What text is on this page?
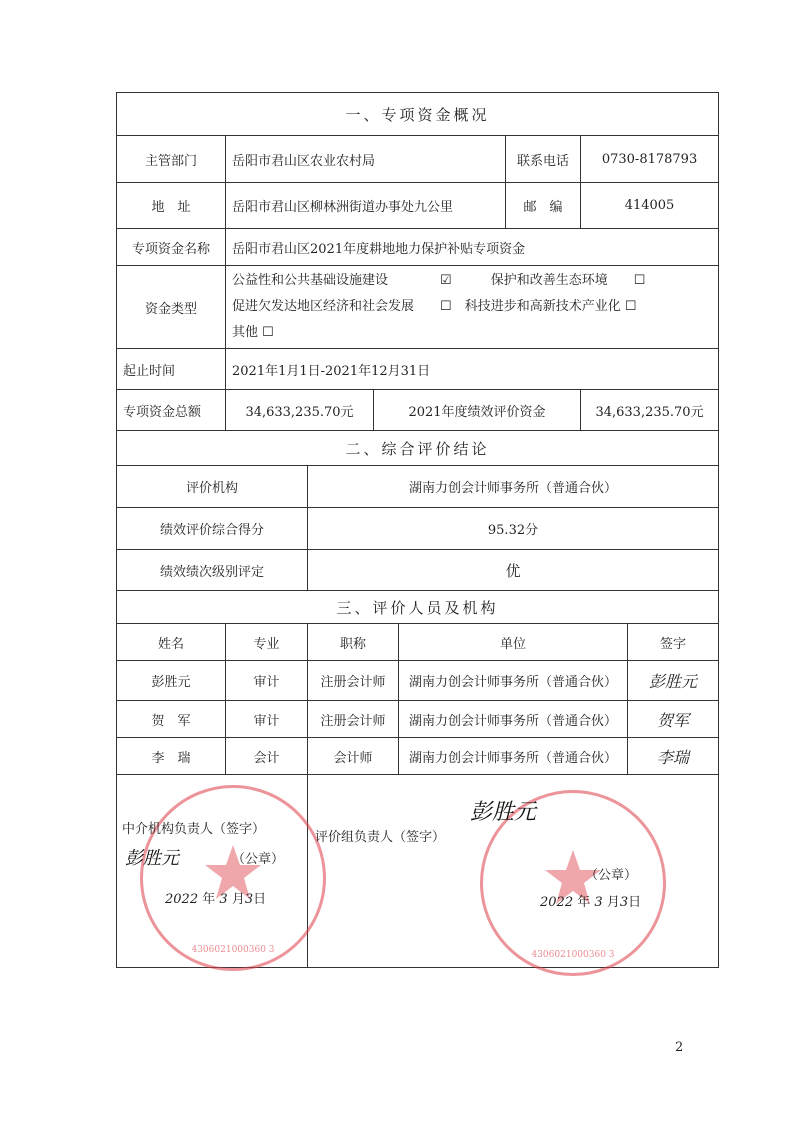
一、专项资金概况				
主管部门	岳阳市君山区农业农村局		联系电话	0730-8178793
地　址	岳阳市君山区柳林洲街道办事处九公里		邮　编	414005
专项资金名称	岳阳市君山区2021年度耕地地力保护补贴专项资金			
资金类型	公益性和公共基础设施建设　　　　 ☑　　　 保护和改善生态环境　　 ☐
促进欠发达地区经济和社会发展　　 ☐　 科技进步和高新技术产业化 ☐
其他 ☐			

起止时间	2021年1月1日-2021年12月31日			
专项资金总额	34,633,235.70元	2021年度绩效评价资金		34,633,235.70元
二、综合评价结论	
评价机构	湖南力创会计师事务所（普通合伙）
绩效评价综合得分	95.32分
绩效绩次级别评定	优
三、评价人员及机构				
姓名	专业	职称	单位	签字
彭胜元	审计	注册会计师	湖南力创会计师事务所（普通合伙）	彭胜元
贺　军	审计	注册会计师	湖南力创会计师事务所（普通合伙）	贺军
李　瑞	会计	会计师	湖南力创会计师事务所（普通合伙）	李瑞

4306021000360 3	4306021000360 3
中介机构负责人（签字）
彭胜元	（公章）
2022 年 3 月3日
评价组负责人（签字）
彭胜元
（公章）
2022 年 3 月3日
2
